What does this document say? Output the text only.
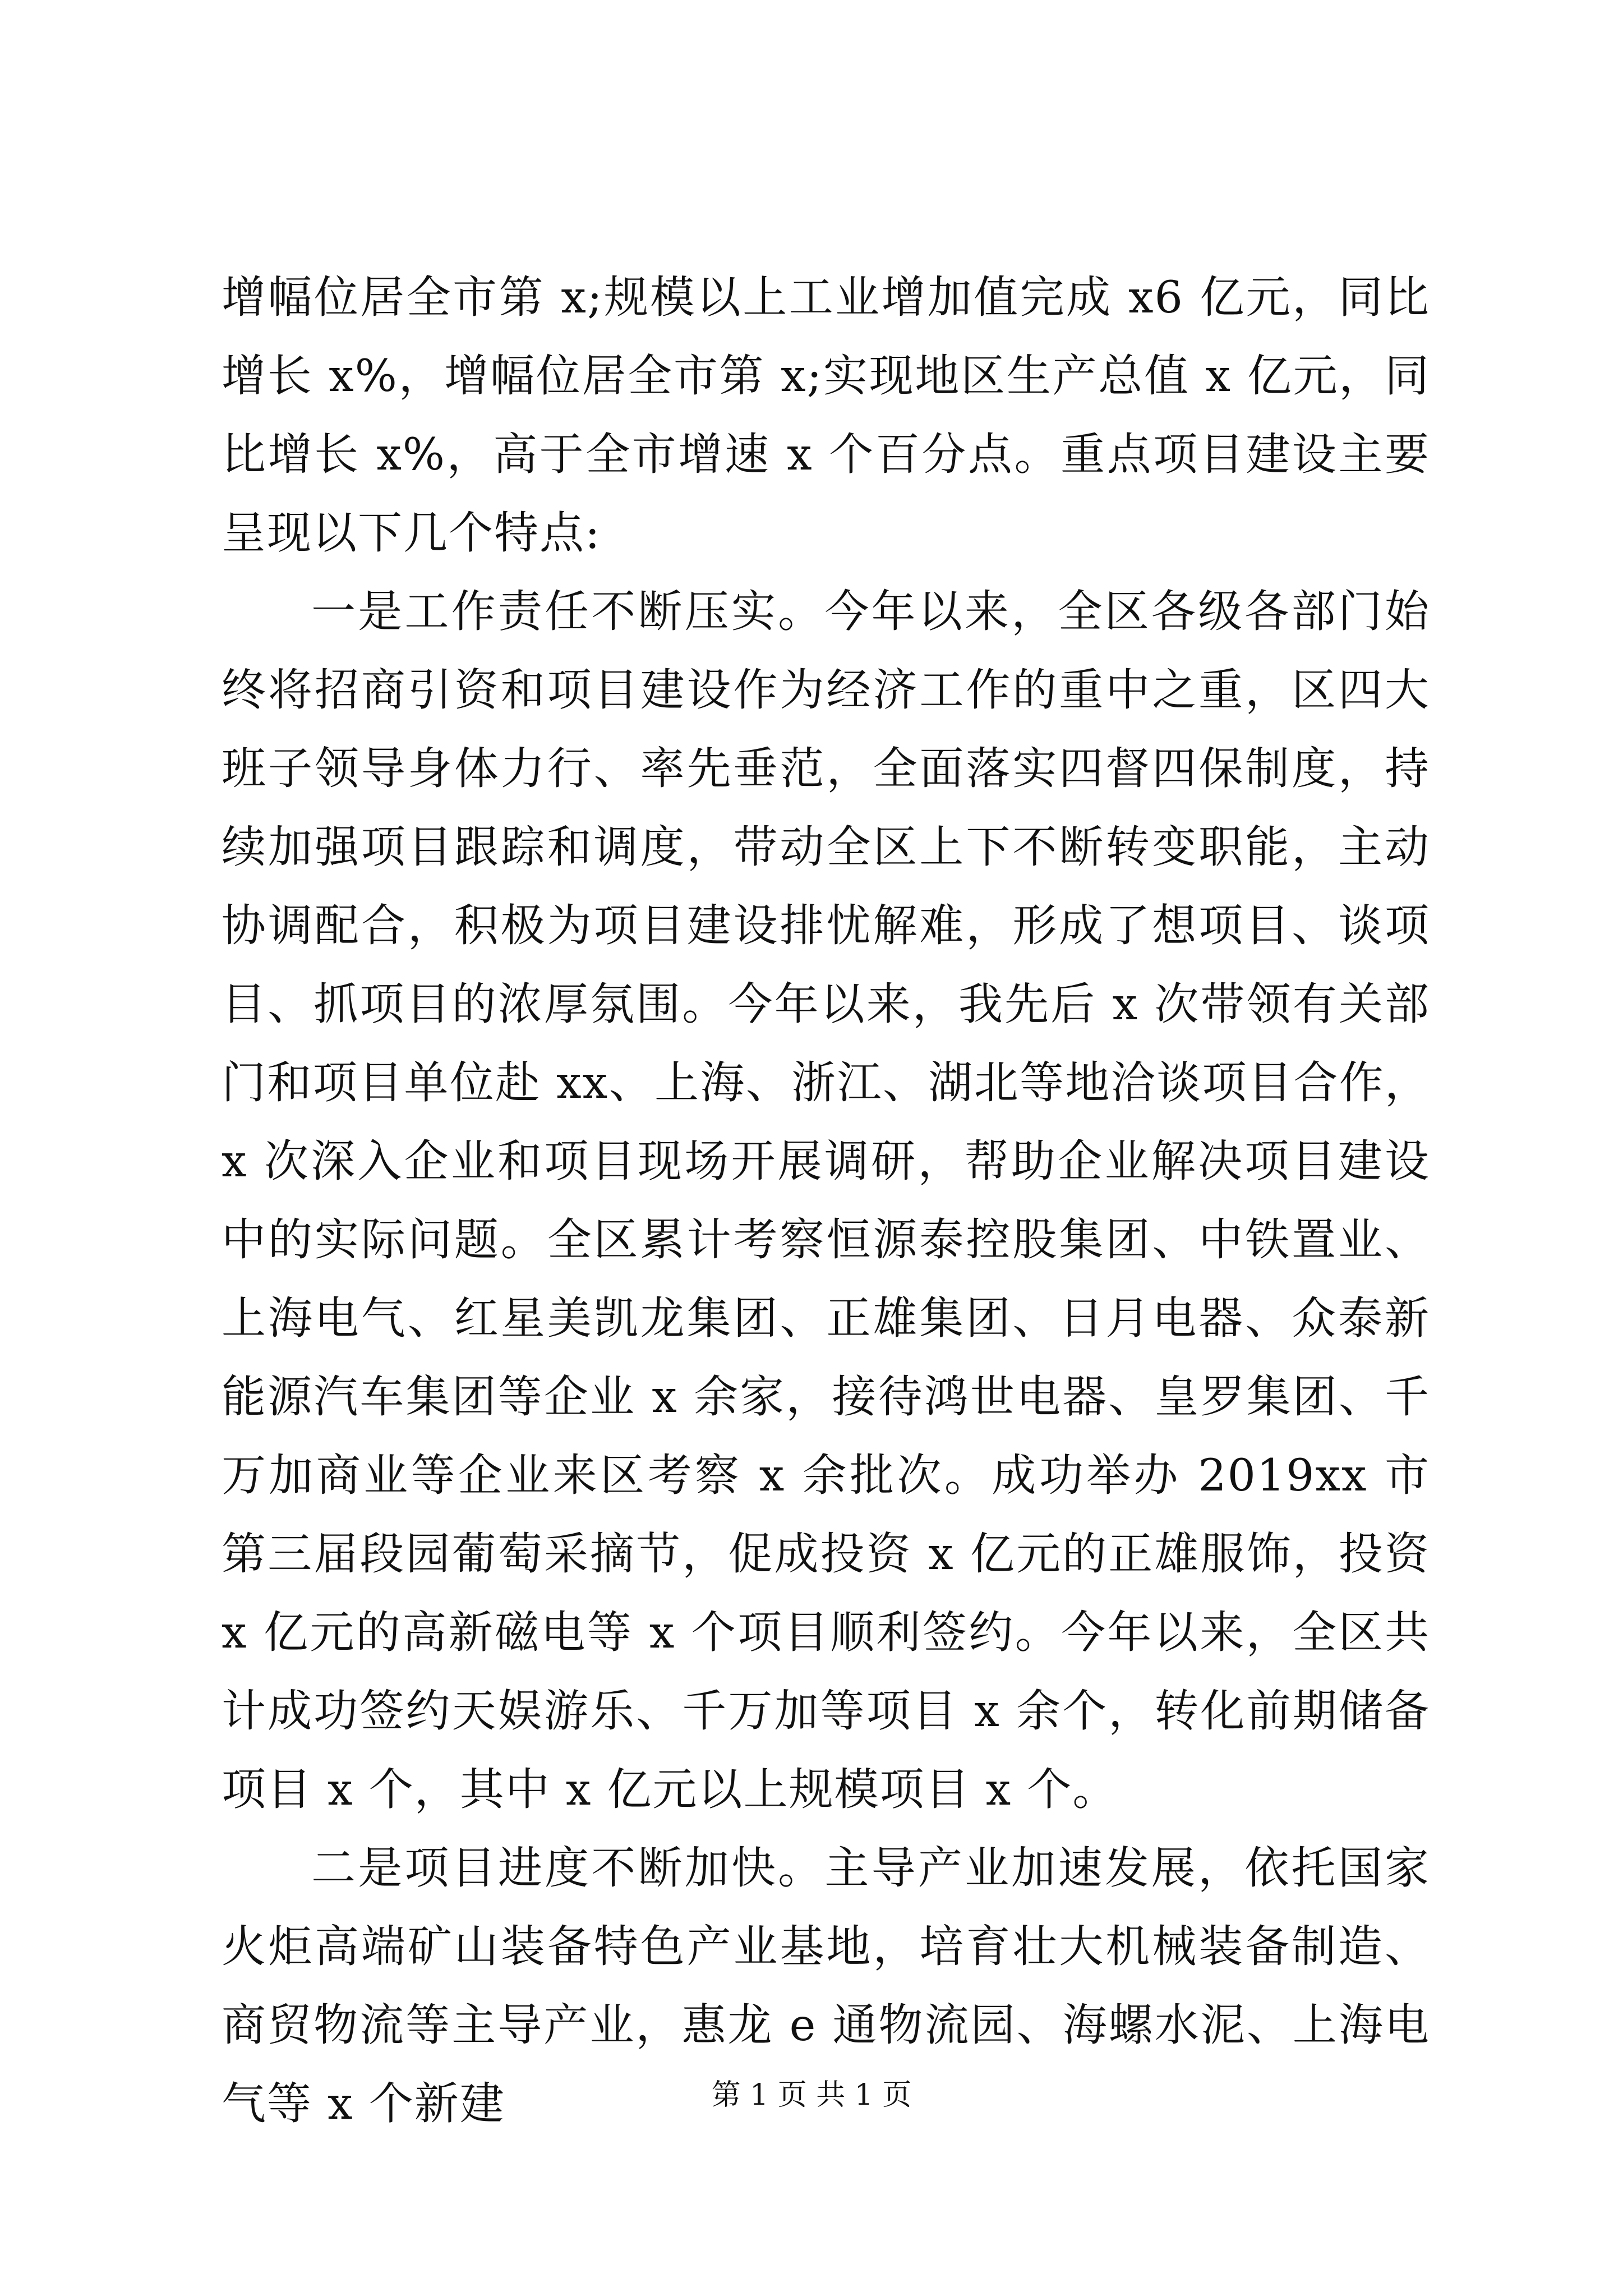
增幅位居全市第 x;规模以上工业增加值完成 x6 亿元，同比增长 x%，增幅位居全市第 x;实现地区生产总值 x 亿元，同比增长 x%，高于全市增速 x 个百分点。重点项目建设主要呈现以下几个特点:

一是工作责任不断压实。今年以来，全区各级各部门始终将招商引资和项目建设作为经济工作的重中之重，区四大班子领导身体力行、率先垂范，全面落实四督四保制度，持续加强项目跟踪和调度，带动全区上下不断转变职能，主动协调配合，积极为项目建设排忧解难，形成了想项目、谈项目、抓项目的浓厚氛围。今年以来，我先后 x 次带领有关部门和项目单位赴 xx、上海、浙江、湖北等地洽谈项目合作，x 次深入企业和项目现场开展调研，帮助企业解决项目建设中的实际问题。全区累计考察恒源泰控股集团、中铁置业、上海电气、红星美凯龙集团、正雄集团、日月电器、众泰新能源汽车集团等企业 x 余家，接待鸿世电器、皇罗集团、千万加商业等企业来区考察 x 余批次。成功举办 2019xx 市第三届段园葡萄采摘节，促成投资 x 亿元的正雄服饰，投资 x 亿元的高新磁电等 x 个项目顺利签约。今年以来，全区共计成功签约天娱游乐、千万加等项目 x 余个，转化前期储备项目 x 个，其中 x 亿元以上规模项目 x 个。

二是项目进度不断加快。主导产业加速发展，依托国家火炬高端矿山装备特色产业基地，培育壮大机械装备制造、商贸物流等主导产业，惠龙 e 通物流园、海螺水泥、上海电气等 x 个新建	第 1 页 共 1 页
